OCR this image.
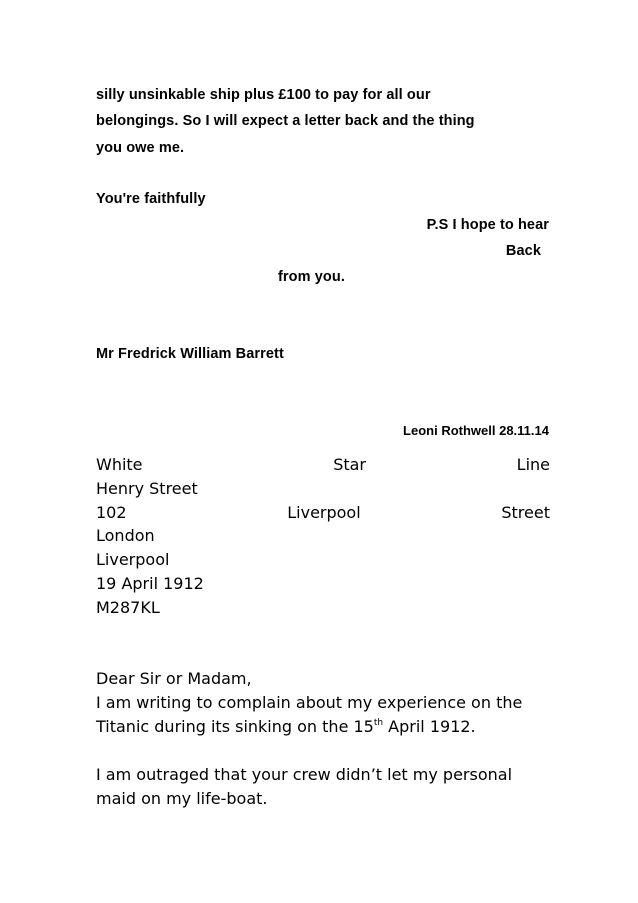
silly unsinkable ship plus £100 to pay for all our
belongings. So I will expect a letter back and the thing
you owe me.
You're faithfully
P.S I hope to hear
Back
from you.
Mr Fredrick William Barrett
Leoni Rothwell 28.11.14
White	Star	Line
Henry Street
102	Liverpool	Street
London
Liverpool
19 April 1912
M287KL
Dear Sir or Madam,
I am writing to complain about my experience on the
Titanic during its sinking on the 15th April 1912.
I am outraged that your crew didn’t let my personal
maid on my life-boat.
